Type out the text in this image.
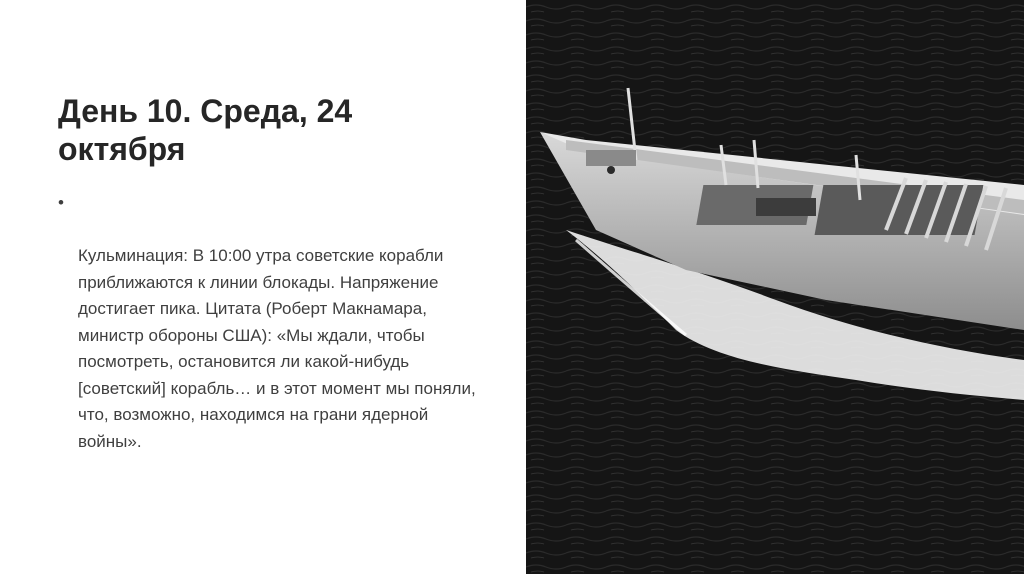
День 10. Среда, 24
октября

•

Кульминация: В 10:00 утра советские корабли
приближаются к линии блокады. Напряжение
достигает пика. Цитата (Роберт Макнамара,
министр обороны США): «Мы ждали, чтобы
посмотреть, остановится ли какой-нибудь
[советский] корабль… и в этот момент мы поняли,
что, возможно, находимся на грани ядерной
войны».
